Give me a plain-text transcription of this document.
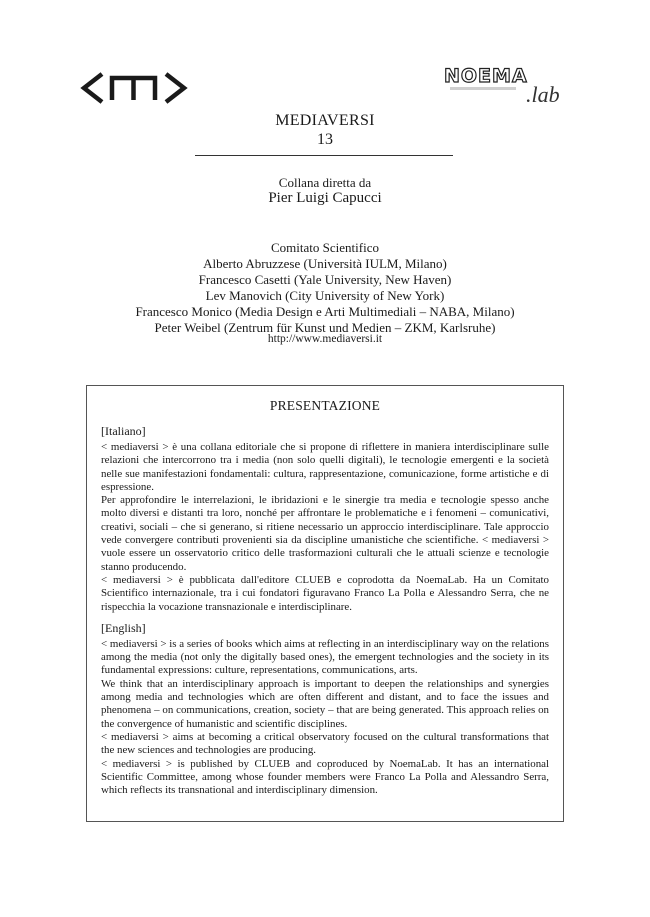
NOEMA
.lab
MEDIAVERSI
13
Collana diretta da
Pier Luigi Capucci
Comitato Scientifico
Alberto Abruzzese (Università IULM, Milano)
Francesco Casetti (Yale University, New Haven)
Lev Manovich (City University of New York)
Francesco Monico (Media Design e Arti Multimediali – NABA, Milano)
Peter Weibel (Zentrum für Kunst und Medien – ZKM, Karlsruhe)
http://www.mediaversi.it
PRESENTAZIONE
[Italiano]

< mediaversi > è una collana editoriale che si propone di riflettere in maniera interdisciplinare sulle relazioni che intercorrono tra i media (non solo quelli digitali), le tecnologie emergenti e la società nelle sue manifestazioni fondamentali: cultura, rappresentazione, comunicazione, forme artistiche e di espressione.

Per approfondire le interrelazioni, le ibridazioni e le sinergie tra media e tecnologie spesso anche molto diversi e distanti tra loro, nonché per affrontare le problematiche e i fenomeni – comunicativi, creativi, sociali – che si generano, si ritiene necessario un approccio interdisciplinare. Tale approccio vede convergere contributi provenienti sia da discipline umanistiche che scientifiche. < mediaversi > vuole essere un osservatorio critico delle trasformazioni culturali che le attuali scienze e tecnologie stanno producendo.

< mediaversi > è pubblicata dall'editore CLUEB e coprodotta da NoemaLab. Ha un Comitato Scientifico internazionale, tra i cui fondatori figuravano Franco La Polla e Alessandro Serra, che ne rispecchia la vocazione transnazionale e interdisciplinare.

[English]

< mediaversi > is a series of books which aims at reflecting in an interdisciplinary way on the relations among the media (not only the digitally based ones), the emergent technologies and the society in its fundamental expressions: culture, representations, communications, arts.

We think that an interdisciplinary approach is important to deepen the relationships and synergies among media and technologies which are often different and distant, and to face the issues and phenomena – on communications, creation, society – that are being generated. This approach relies on the convergence of humanistic and scientific disciplines.

< mediaversi > aims at becoming a critical observatory focused on the cultural transformations that the new sciences and technologies are producing.

< mediaversi > is published by CLUEB and coproduced by NoemaLab. It has an international Scientific Committee, among whose founder members were Franco La Polla and Alessandro Serra, which reflects its transnational and interdisciplinary dimension.
